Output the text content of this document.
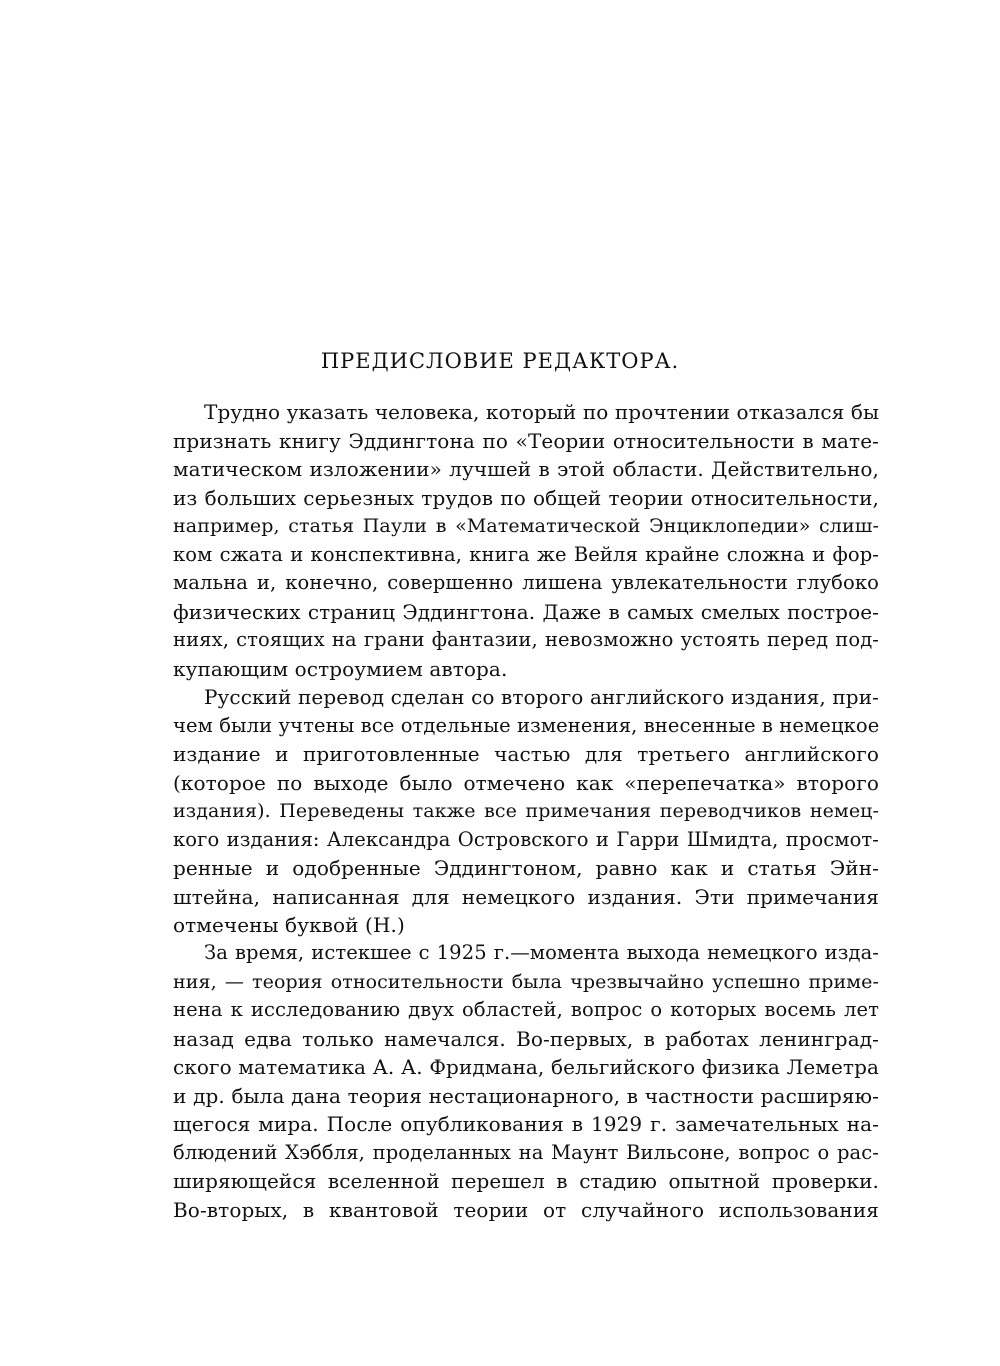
ПРЕДИСЛОВИЕ РЕДАКТОРА.
Трудно указать человека, который по прочтении отказался бы
признать книгу Эддингтона по «Теории относительности в мате-
матическом изложении» лучшей в этой области. Действительно,
из больших серьезных трудов по общей теории относительности,
например, статья Паули в «Математической Энциклопедии» слиш-
ком сжата и конспективна, книга же Вейля крайне сложна и фор-
мальна и, конечно, совершенно лишена увлекательности глубоко
физических страниц Эддингтона. Даже в самых смелых построе-
ниях, стоящих на грани фантазии, невозможно устоять перед под-
купающим остроумием автора.
Русский перевод сделан со второго английского издания, при-
чем были учтены все отдельные изменения, внесенные в немецкое
издание и приготовленные частью для третьего английского
(которое по выходе было отмечено как «перепечатка» второго
издания). Переведены также все примечания переводчиков немец-
кого издания: Александра Островского и Гарри Шмидта, просмот-
ренные и одобренные Эддингтоном, равно как и статья Эйн-
штейна, написанная для немецкого издания. Эти примечания
отмечены буквой (Н.)
За время, истекшее с 1925 г.—момента выхода немецкого изда-
ния, — теория относительности была чрезвычайно успешно приме-
нена к исследованию двух областей, вопрос о которых восемь лет
назад едва только намечался. Во-первых, в работах ленинград-
ского математика А. А. Фридмана, бельгийского физика Леметра
и др. была дана теория нестационарного, в частности расширяю-
щегося мира. После опубликования в 1929 г. замечательных на-
блюдений Хэббля, проделанных на Маунт Вильсоне, вопрос о рас-
ширяющейся вселенной перешел в стадию опытной проверки.
Во-вторых, в квантовой теории от случайного использования
